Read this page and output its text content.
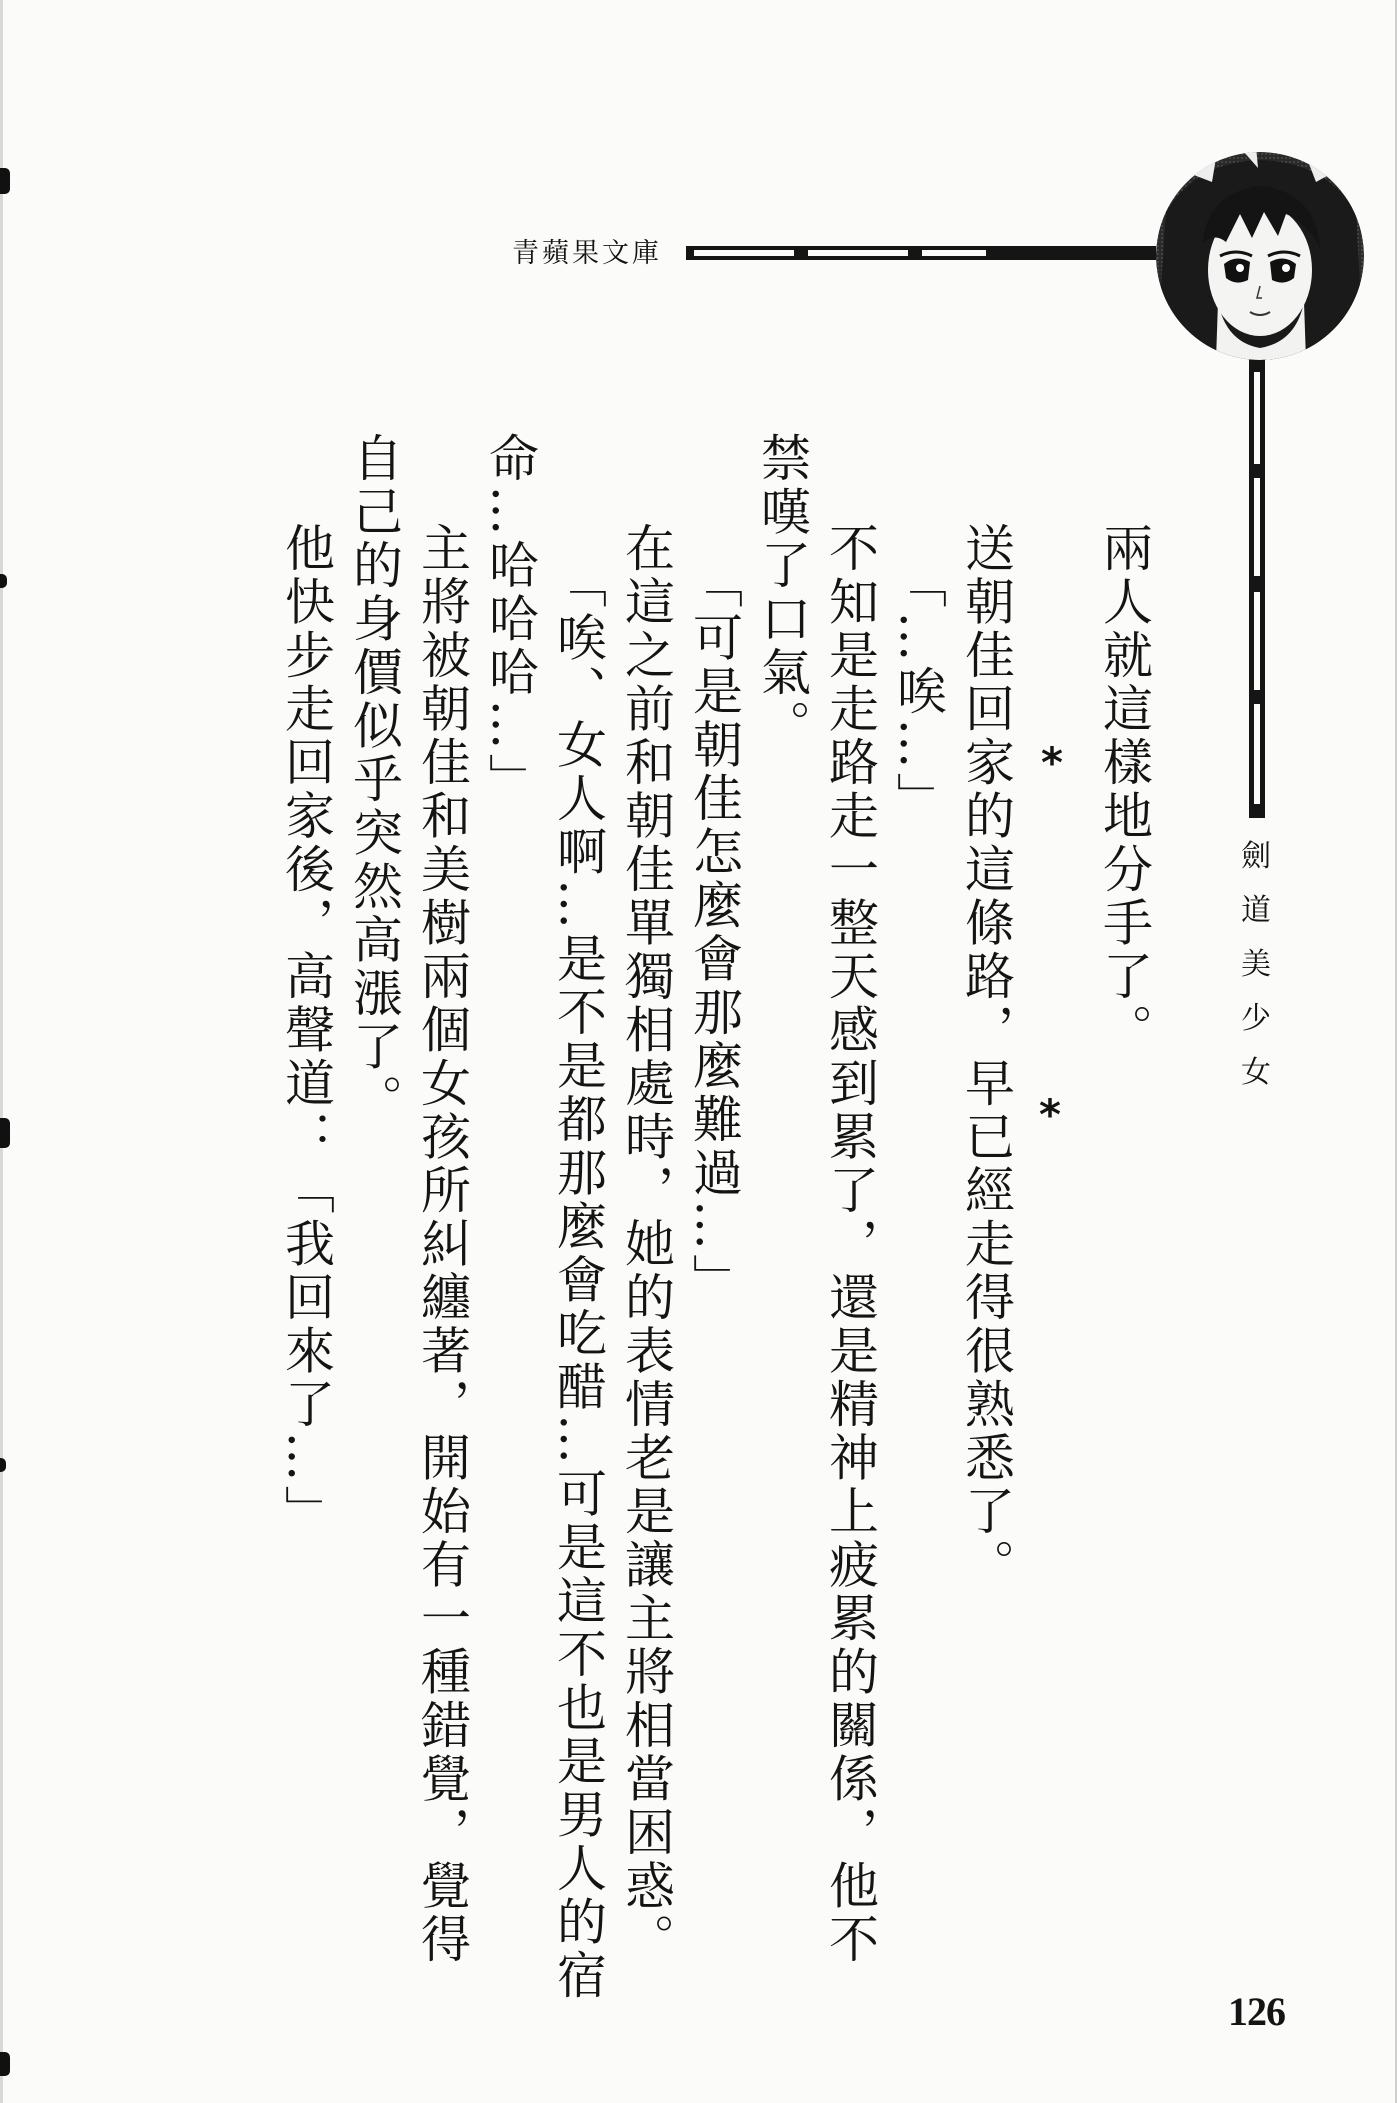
青蘋果文庫
劍
道
美
少
女
兩人就這樣地分手了。
送朝佳回家的這條路，早已經走得很熟悉了。
「…唉…」
不知是走路走一整天感到累了，還是精神上疲累的關係，他不
禁嘆了口氣。
「可是朝佳怎麼會那麼難過…」
在這之前和朝佳單獨相處時，她的表情老是讓主將相當困惑。
「唉、女人啊…是不是都那麼會吃醋…可是這不也是男人的宿
命…哈哈哈…」
主將被朝佳和美樹兩個女孩所糾纏著，開始有一種錯覺，覺得
自己的身價似乎突然高漲了。
他快步走回家後，高聲道：「我回來了…」	*
*
126
